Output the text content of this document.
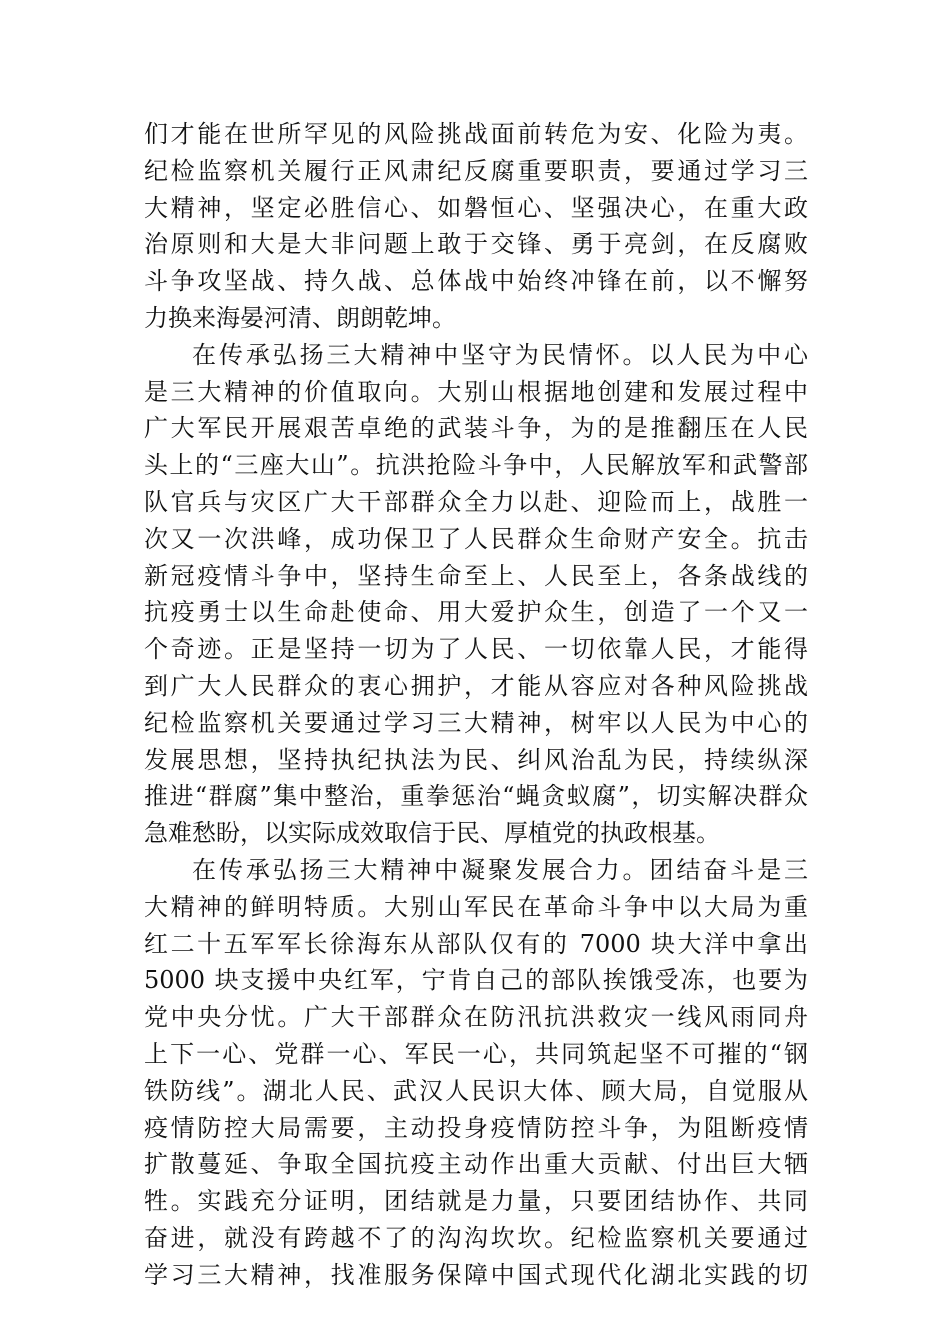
们才能在世所罕见的风险挑战面前转危为安、化险为夷。
纪检监察机关履行正风肃纪反腐重要职责，要通过学习三
大精神，坚定必胜信心、如磐恒心、坚强决心，在重大政
治原则和大是大非问题上敢于交锋、勇于亮剑，在反腐败
斗争攻坚战、持久战、总体战中始终冲锋在前，以不懈努
力换来海晏河清、朗朗乾坤。
在传承弘扬三大精神中坚守为民情怀。以人民为中心
是三大精神的价值取向。大别山根据地创建和发展过程中
广大军民开展艰苦卓绝的武装斗争，为的是推翻压在人民
头上的“三座大山”。抗洪抢险斗争中，人民解放军和武警部
队官兵与灾区广大干部群众全力以赴、迎险而上，战胜一
次又一次洪峰，成功保卫了人民群众生命财产安全。抗击
新冠疫情斗争中，坚持生命至上、人民至上，各条战线的
抗疫勇士以生命赴使命、用大爱护众生，创造了一个又一
个奇迹。正是坚持一切为了人民、一切依靠人民，才能得
到广大人民群众的衷心拥护，才能从容应对各种风险挑战
纪检监察机关要通过学习三大精神，树牢以人民为中心的
发展思想，坚持执纪执法为民、纠风治乱为民，持续纵深
推进“群腐”集中整治，重拳惩治“蝇贪蚁腐”，切实解决群众
急难愁盼，以实际成效取信于民、厚植党的执政根基。
在传承弘扬三大精神中凝聚发展合力。团结奋斗是三
大精神的鲜明特质。大别山军民在革命斗争中以大局为重
红二十五军军长徐海东从部队仅有的 7000 块大洋中拿出
5000 块支援中央红军，宁肯自己的部队挨饿受冻，也要为
党中央分忧。广大干部群众在防汛抗洪救灾一线风雨同舟
上下一心、党群一心、军民一心，共同筑起坚不可摧的“钢
铁防线”。湖北人民、武汉人民识大体、顾大局，自觉服从
疫情防控大局需要，主动投身疫情防控斗争，为阻断疫情
扩散蔓延、争取全国抗疫主动作出重大贡献、付出巨大牺
牲。实践充分证明，团结就是力量，只要团结协作、共同
奋进，就没有跨越不了的沟沟坎坎。纪检监察机关要通过
学习三大精神，找准服务保障中国式现代化湖北实践的切
